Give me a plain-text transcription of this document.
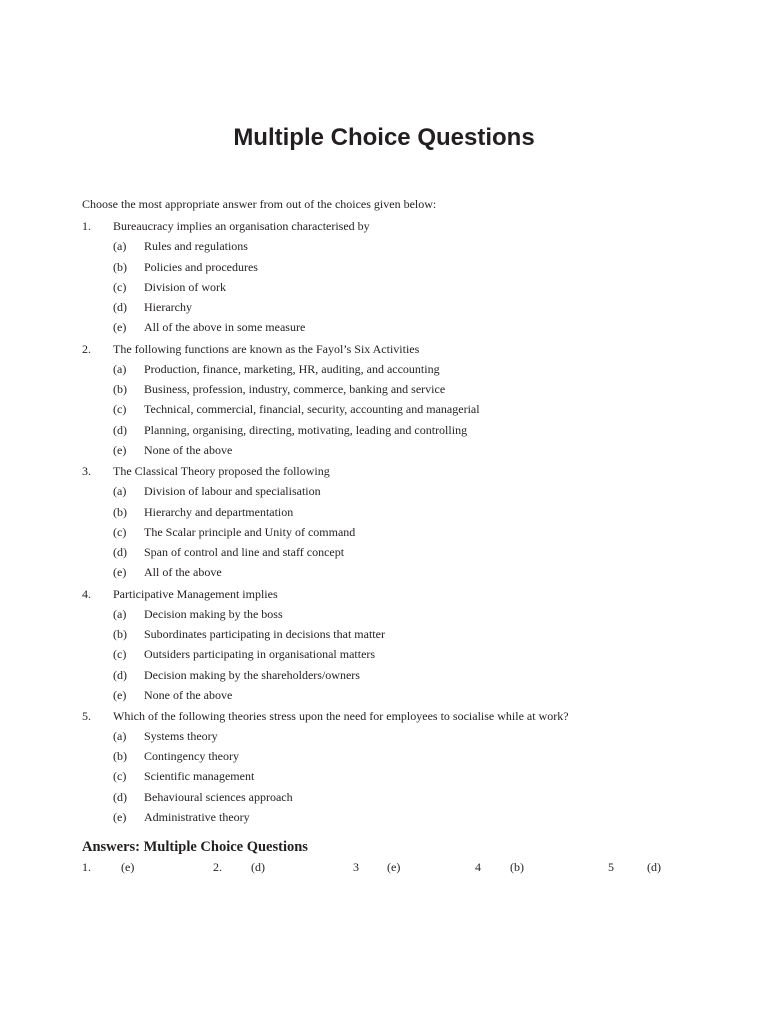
Multiple Choice Questions
Choose the most appropriate answer from out of the choices given below:
1. Bureaucracy implies an organisation characterised by
(a) Rules and regulations
(b) Policies and procedures
(c) Division of work
(d) Hierarchy
(e) All of the above in some measure
2. The following functions are known as the Fayol’s Six Activities
(a) Production, finance, marketing, HR, auditing, and accounting
(b) Business, profession, industry, commerce, banking and service
(c) Technical, commercial, financial, security, accounting and managerial
(d) Planning, organising, directing, motivating, leading and controlling
(e) None of the above
3. The Classical Theory proposed the following
(a) Division of labour and specialisation
(b) Hierarchy and departmentation
(c) The Scalar principle and Unity of command
(d) Span of control and line and staff concept
(e) All of the above
4. Participative Management implies
(a) Decision making by the boss
(b) Subordinates participating in decisions that matter
(c) Outsiders participating in organisational matters
(d) Decision making by the shareholders/owners
(e) None of the above
5. Which of the following theories stress upon the need for employees to socialise while at work?
(a) Systems theory
(b) Contingency theory
(c) Scientific management
(d) Behavioural sciences approach
(e) Administrative theory
Answers: Multiple Choice Questions
1.	(e)	2. (d)	3 (e)	4 (b)	5	(d)
